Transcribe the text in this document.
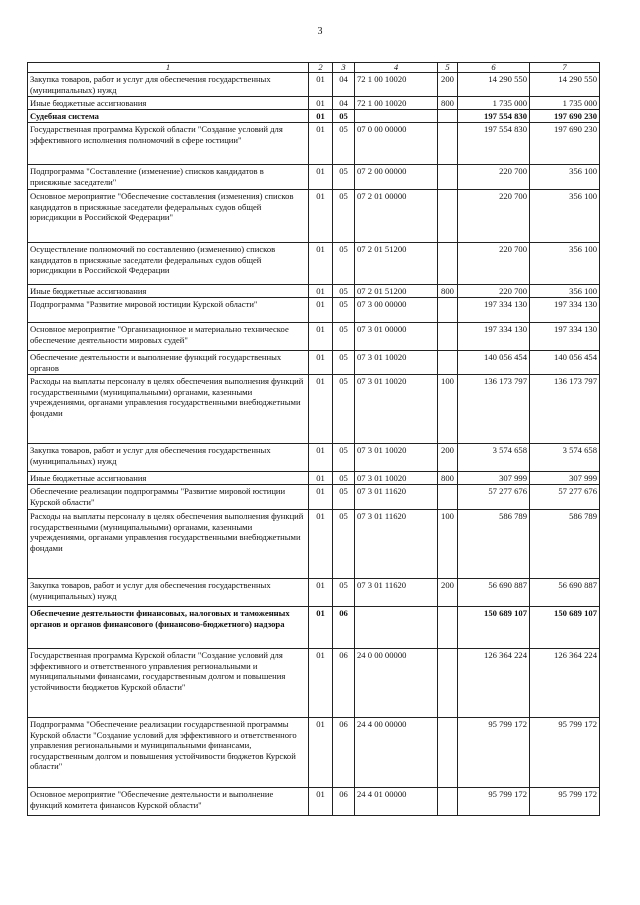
3
1	2	3	4	5	6	7
Закупка товаров, работ и услуг для обеспечения государственных (муниципальных) нужд	01	04	72 1 00 10020	200	14 290 550	14 290 550
Иные бюджетные ассигнования	01	04	72 1 00 10020	800	1 735 000	1 735 000
Судебная система	01	05			197 554 830	197 690 230
Государственная программа Курской области "Создание условий для эффективного исполнения полномочий в сфере юстиции"	01	05	07 0 00 00000		197 554 830	197 690 230
Подпрограмма "Составление (изменение) списков кандидатов в присяжные заседатели"	01	05	07 2 00 00000		220 700	356 100
Основное мероприятие "Обеспечение составления (изменения) списков кандидатов в присяжные заседатели федеральных судов общей юрисдикции в Российской Федерации"	01	05	07 2 01 00000		220 700	356 100
Осуществление полномочий по составлению (изменению) списков кандидатов в присяжные заседатели федеральных судов общей юрисдикции в Российской Федерации	01	05	07 2 01 51200		220 700	356 100
Иные бюджетные ассигнования	01	05	07 2 01 51200	800	220 700	356 100
Подпрограмма "Развитие мировой юстиции Курской области"	01	05	07 3 00 00000		197 334 130	197 334 130
Основное мероприятие "Организационное и материально техническое обеспечение деятельности мировых судей"	01	05	07 3 01 00000		197 334 130	197 334 130
Обеспечение деятельности и выполнение функций государственных органов	01	05	07 3 01 10020		140 056 454	140 056 454
Расходы на выплаты персоналу в целях обеспечения выполнения функций государственными (муниципальными) органами, казенными учреждениями, органами управления государственными внебюджетными фондами	01	05	07 3 01 10020	100	136 173 797	136 173 797
Закупка товаров, работ и услуг для обеспечения государственных (муниципальных) нужд	01	05	07 3 01 10020	200	3 574 658	3 574 658
Иные бюджетные ассигнования	01	05	07 3 01 10020	800	307 999	307 999
Обеспечение реализации подпрограммы "Развитие мировой юстиции Курской области"	01	05	07 3 01 11620		57 277 676	57 277 676
Расходы на выплаты персоналу в целях обеспечения выполнения функций государственными (муниципальными) органами, казенными учреждениями, органами управления государственными внебюджетными фондами	01	05	07 3 01 11620	100	586 789	586 789
Закупка товаров, работ и услуг для обеспечения государственных (муниципальных) нужд	01	05	07 3 01 11620	200	56 690 887	56 690 887
Обеспечение деятельности финансовых, налоговых и таможенных органов и органов финансового (финансово-бюджетного) надзора	01	06			150 689 107	150 689 107
Государственная программа Курской области "Создание условий для эффективного и ответственного управления региональными и муниципальными финансами, государственным долгом и повышения устойчивости бюджетов Курской области"	01	06	24 0 00 00000		126 364 224	126 364 224
Подпрограмма "Обеспечение реализации государственной программы Курской области "Создание условий для эффективного и ответственного управления региональными и муниципальными финансами, государственным долгом и повышения устойчивости бюджетов Курской области"	01	06	24 4 00 00000		95 799 172	95 799 172
Основное мероприятие "Обеспечение деятельности и выполнение функций комитета финансов Курской области"	01	06	24 4 01 00000		95 799 172	95 799 172
